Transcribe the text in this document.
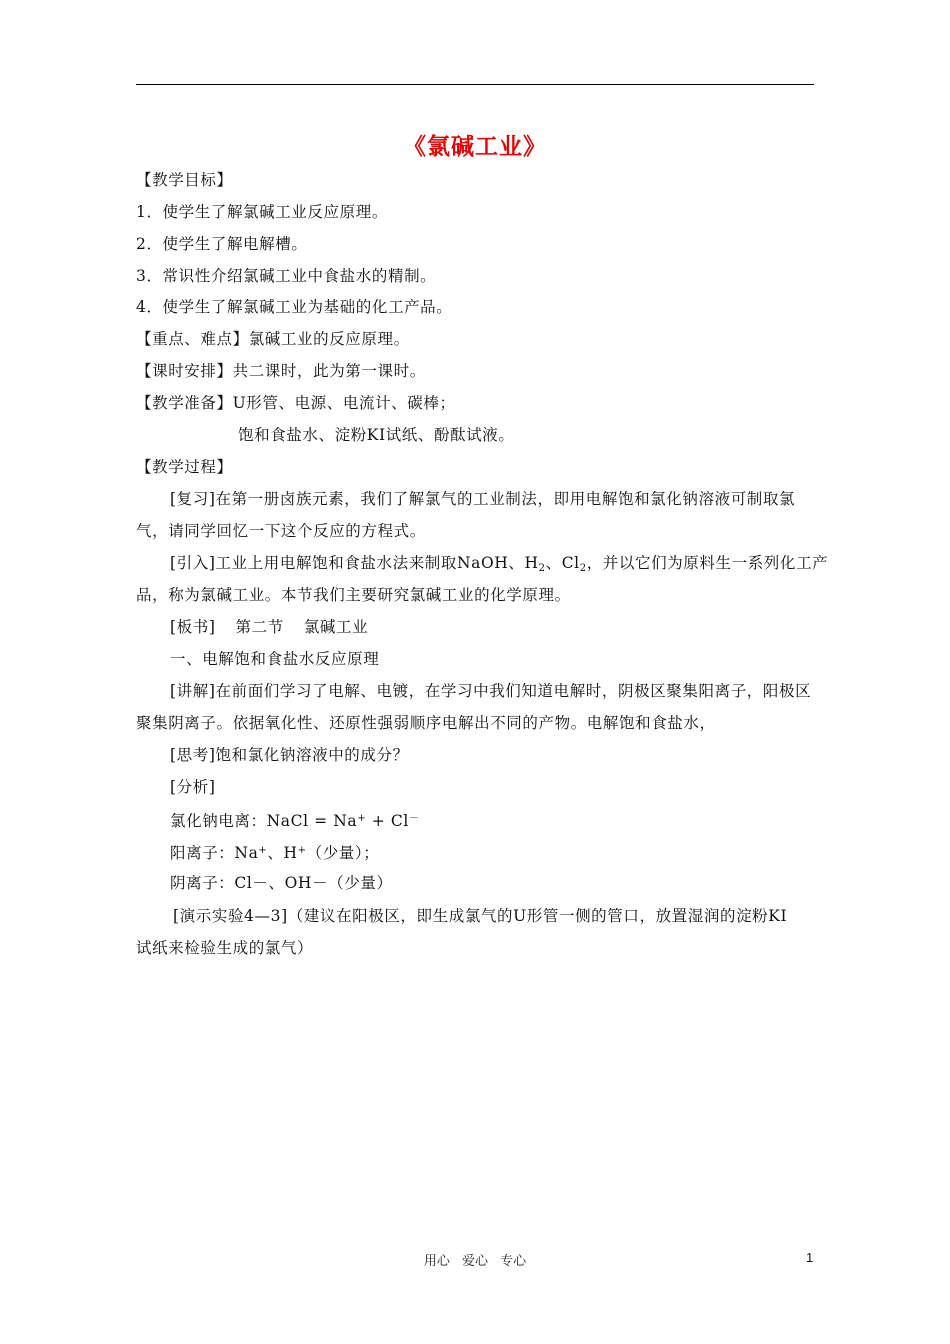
《氯碱工业》
【教学目标】
1．使学生了解氯碱工业反应原理。
2．使学生了解电解槽。
3．常识性介绍氯碱工业中食盐水的精制。
4．使学生了解氯碱工业为基础的化工产品。
【重点、难点】氯碱工业的反应原理。
【课时安排】共二课时，此为第一课时。
【教学准备】U形管、电源、电流计、碳棒；
饱和食盐水、淀粉KI试纸、酚酞试液。
【教学过程】
[复习]在第一册卤族元素，我们了解氯气的工业制法，即用电解饱和氯化钠溶液可制取氯
气，请同学回忆一下这个反应的方程式。
[引入]工业上用电解饱和食盐水法来制取NaOH、$H_2$、$Cl_2$，并以它们为原料生一系列化工产
品，称为氯碱工业。本节我们主要研究氯碱工业的化学原理。
[板书] 第二节 氯碱工业
一、电解饱和食盐水反应原理
[讲解]在前面们学习了电解、电镀，在学习中我们知道电解时，阴极区聚集阳离子，阳极区
聚集阴离子。依据氧化性、还原性强弱顺序电解出不同的产物。电解饱和食盐水，
[思考]饱和氯化钠溶液中的成分？
[分析]
氯化钠电离：NaCl = Na+ + Cl－
阳离子：Na+、H+（少量）；
阴离子：Cl－、OH－（少量）
[演示实验4—3]（建议在阳极区，即生成氯气的U形管一侧的管口，放置湿润的淀粉KI
试纸来检验生成的氯气）
用心 爱心 专心	1
